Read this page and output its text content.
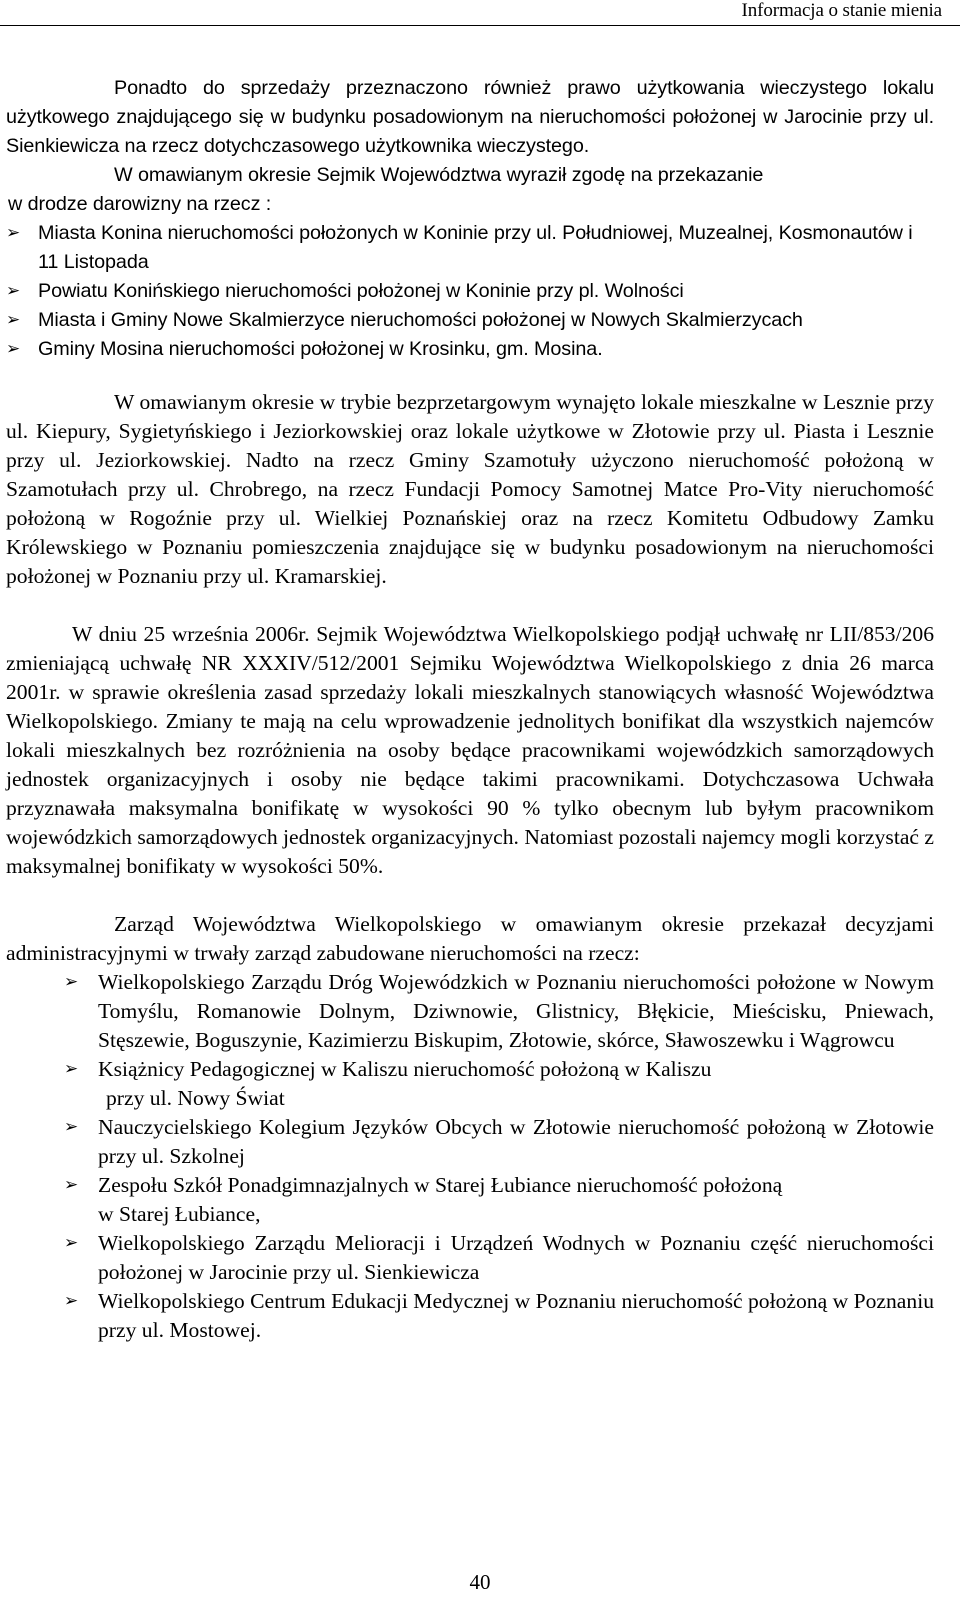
Informacja o stanie mienia

Ponadto do sprzedaży przeznaczono również prawo użytkowania wieczystego lokalu użytkowego znajdującego się w budynku posadowionym na nieruchomości położonej w Jarocinie przy ul. Sienkiewicza na rzecz dotychczasowego użytkownika wieczystego.

W omawianym okresie Sejmik Województwa wyraził zgodę na przekazanie

w drodze darowizny na rzecz :

➢ Miasta Konina nieruchomości położonych w Koninie przy ul. Południowej, Muzealnej, Kosmonautów i 11 Listopada
➢ Powiatu Konińskiego nieruchomości położonej w Koninie przy pl. Wolności
➢ Miasta i Gminy Nowe Skalmierzyce nieruchomości położonej w Nowych Skalmierzycach
➢ Gminy Mosina nieruchomości położonej w Krosinku, gm. Mosina.

W omawianym okresie w trybie bezprzetargowym wynajęto lokale mieszkalne w Lesznie przy ul. Kiepury, Sygietyńskiego i Jeziorkowskiej oraz lokale użytkowe w Złotowie przy ul. Piasta i Lesznie przy ul. Jeziorkowskiej. Nadto na rzecz Gminy Szamotuły użyczono nieruchomość położoną w Szamotułach przy ul. Chrobrego, na rzecz Fundacji Pomocy Samotnej Matce Pro-Vity nieruchomość położoną w Rogoźnie przy ul. Wielkiej Poznańskiej oraz na rzecz Komitetu Odbudowy Zamku Królewskiego w Poznaniu pomieszczenia znajdujące się w budynku posadowionym na nieruchomości położonej w Poznaniu przy ul. Kramarskiej.

W dniu 25 września 2006r. Sejmik Województwa Wielkopolskiego podjął uchwałę nr LII/853/206 zmieniającą uchwałę NR XXXIV/512/2001 Sejmiku Województwa Wielkopolskiego z dnia 26 marca 2001r. w sprawie określenia zasad sprzedaży lokali mieszkalnych stanowiących własność Województwa Wielkopolskiego. Zmiany te mają na celu wprowadzenie jednolitych bonifikat dla wszystkich najemców lokali mieszkalnych bez rozróżnienia na osoby będące pracownikami wojewódzkich samorządowych jednostek organizacyjnych i osoby nie będące takimi pracownikami. Dotychczasowa Uchwała przyznawała maksymalna bonifikatę w wysokości 90 % tylko obecnym lub byłym pracownikom wojewódzkich samorządowych jednostek organizacyjnych. Natomiast pozostali najemcy mogli korzystać z maksymalnej bonifikaty w wysokości 50%.

Zarząd Województwa Wielkopolskiego w omawianym okresie przekazał decyzjami administracyjnymi w trwały zarząd zabudowane nieruchomości na rzecz:

➢ Wielkopolskiego Zarządu Dróg Wojewódzkich w Poznaniu nieruchomości położone w Nowym Tomyślu, Romanowie Dolnym, Dziwnowie, Glistnicy, Błękicie, Mieścisku, Pniewach, Stęszewie, Boguszynie, Kazimierzu Biskupim, Złotowie, skórce, Sławoszewku i Wągrowcu
➢ Książnicy Pedagogicznej w Kaliszu nieruchomość położoną w Kaliszu
przy ul. Nowy Świat
➢ Nauczycielskiego Kolegium Języków Obcych w Złotowie nieruchomość położoną w Złotowie przy ul. Szkolnej
➢ Zespołu Szkół Ponadgimnazjalnych w Starej Łubiance nieruchomość położoną
w Starej Łubiance,
➢ Wielkopolskiego Zarządu Melioracji i Urządzeń Wodnych w Poznaniu część nieruchomości położonej w Jarocinie przy ul. Sienkiewicza
➢ Wielkopolskiego Centrum Edukacji Medycznej w Poznaniu nieruchomość położoną w Poznaniu przy ul. Mostowej.
40
